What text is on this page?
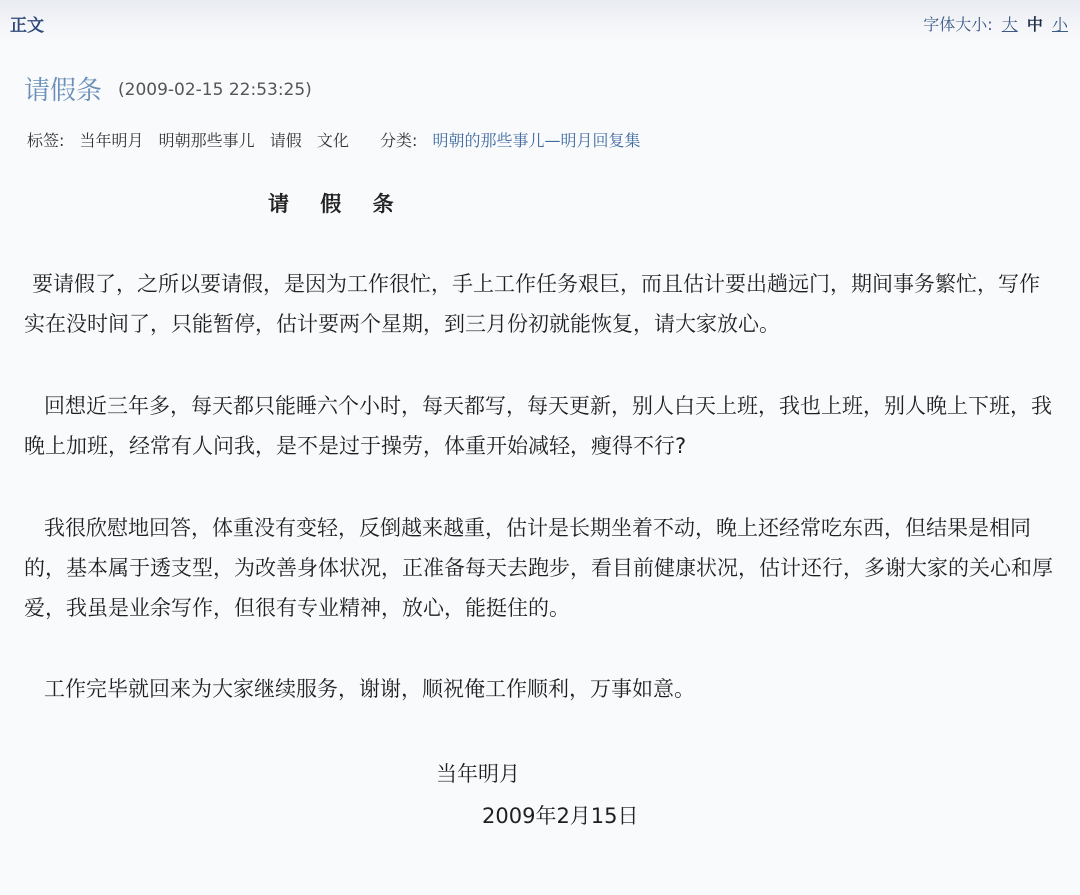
正文	字体大小: 大 中 小
请假条 (2009-02-15 22:53:25)
标签: 当年明月 明朝那些事儿 请假 文化 分类: 明朝的那些事儿—明月回复集
请 假 条

要请假了，之所以要请假，是因为工作很忙，手上工作任务艰巨，而且估计要出趟远门，期间事务繁忙，写作实在没时间了，只能暂停，估计要两个星期，到三月份初就能恢复，请大家放心。

回想近三年多，每天都只能睡六个小时，每天都写，每天更新，别人白天上班，我也上班，别人晚上下班，我晚上加班，经常有人问我，是不是过于操劳，体重开始减轻，瘦得不行?

我很欣慰地回答，体重没有变轻，反倒越来越重，估计是长期坐着不动，晚上还经常吃东西，但结果是相同的，基本属于透支型，为改善身体状况，正准备每天去跑步，看目前健康状况，估计还行，多谢大家的关心和厚爱，我虽是业余写作，但很有专业精神，放心，能挺住的。

工作完毕就回来为大家继续服务，谢谢，顺祝俺工作顺利，万事如意。

当年明月
2009年2月15日
